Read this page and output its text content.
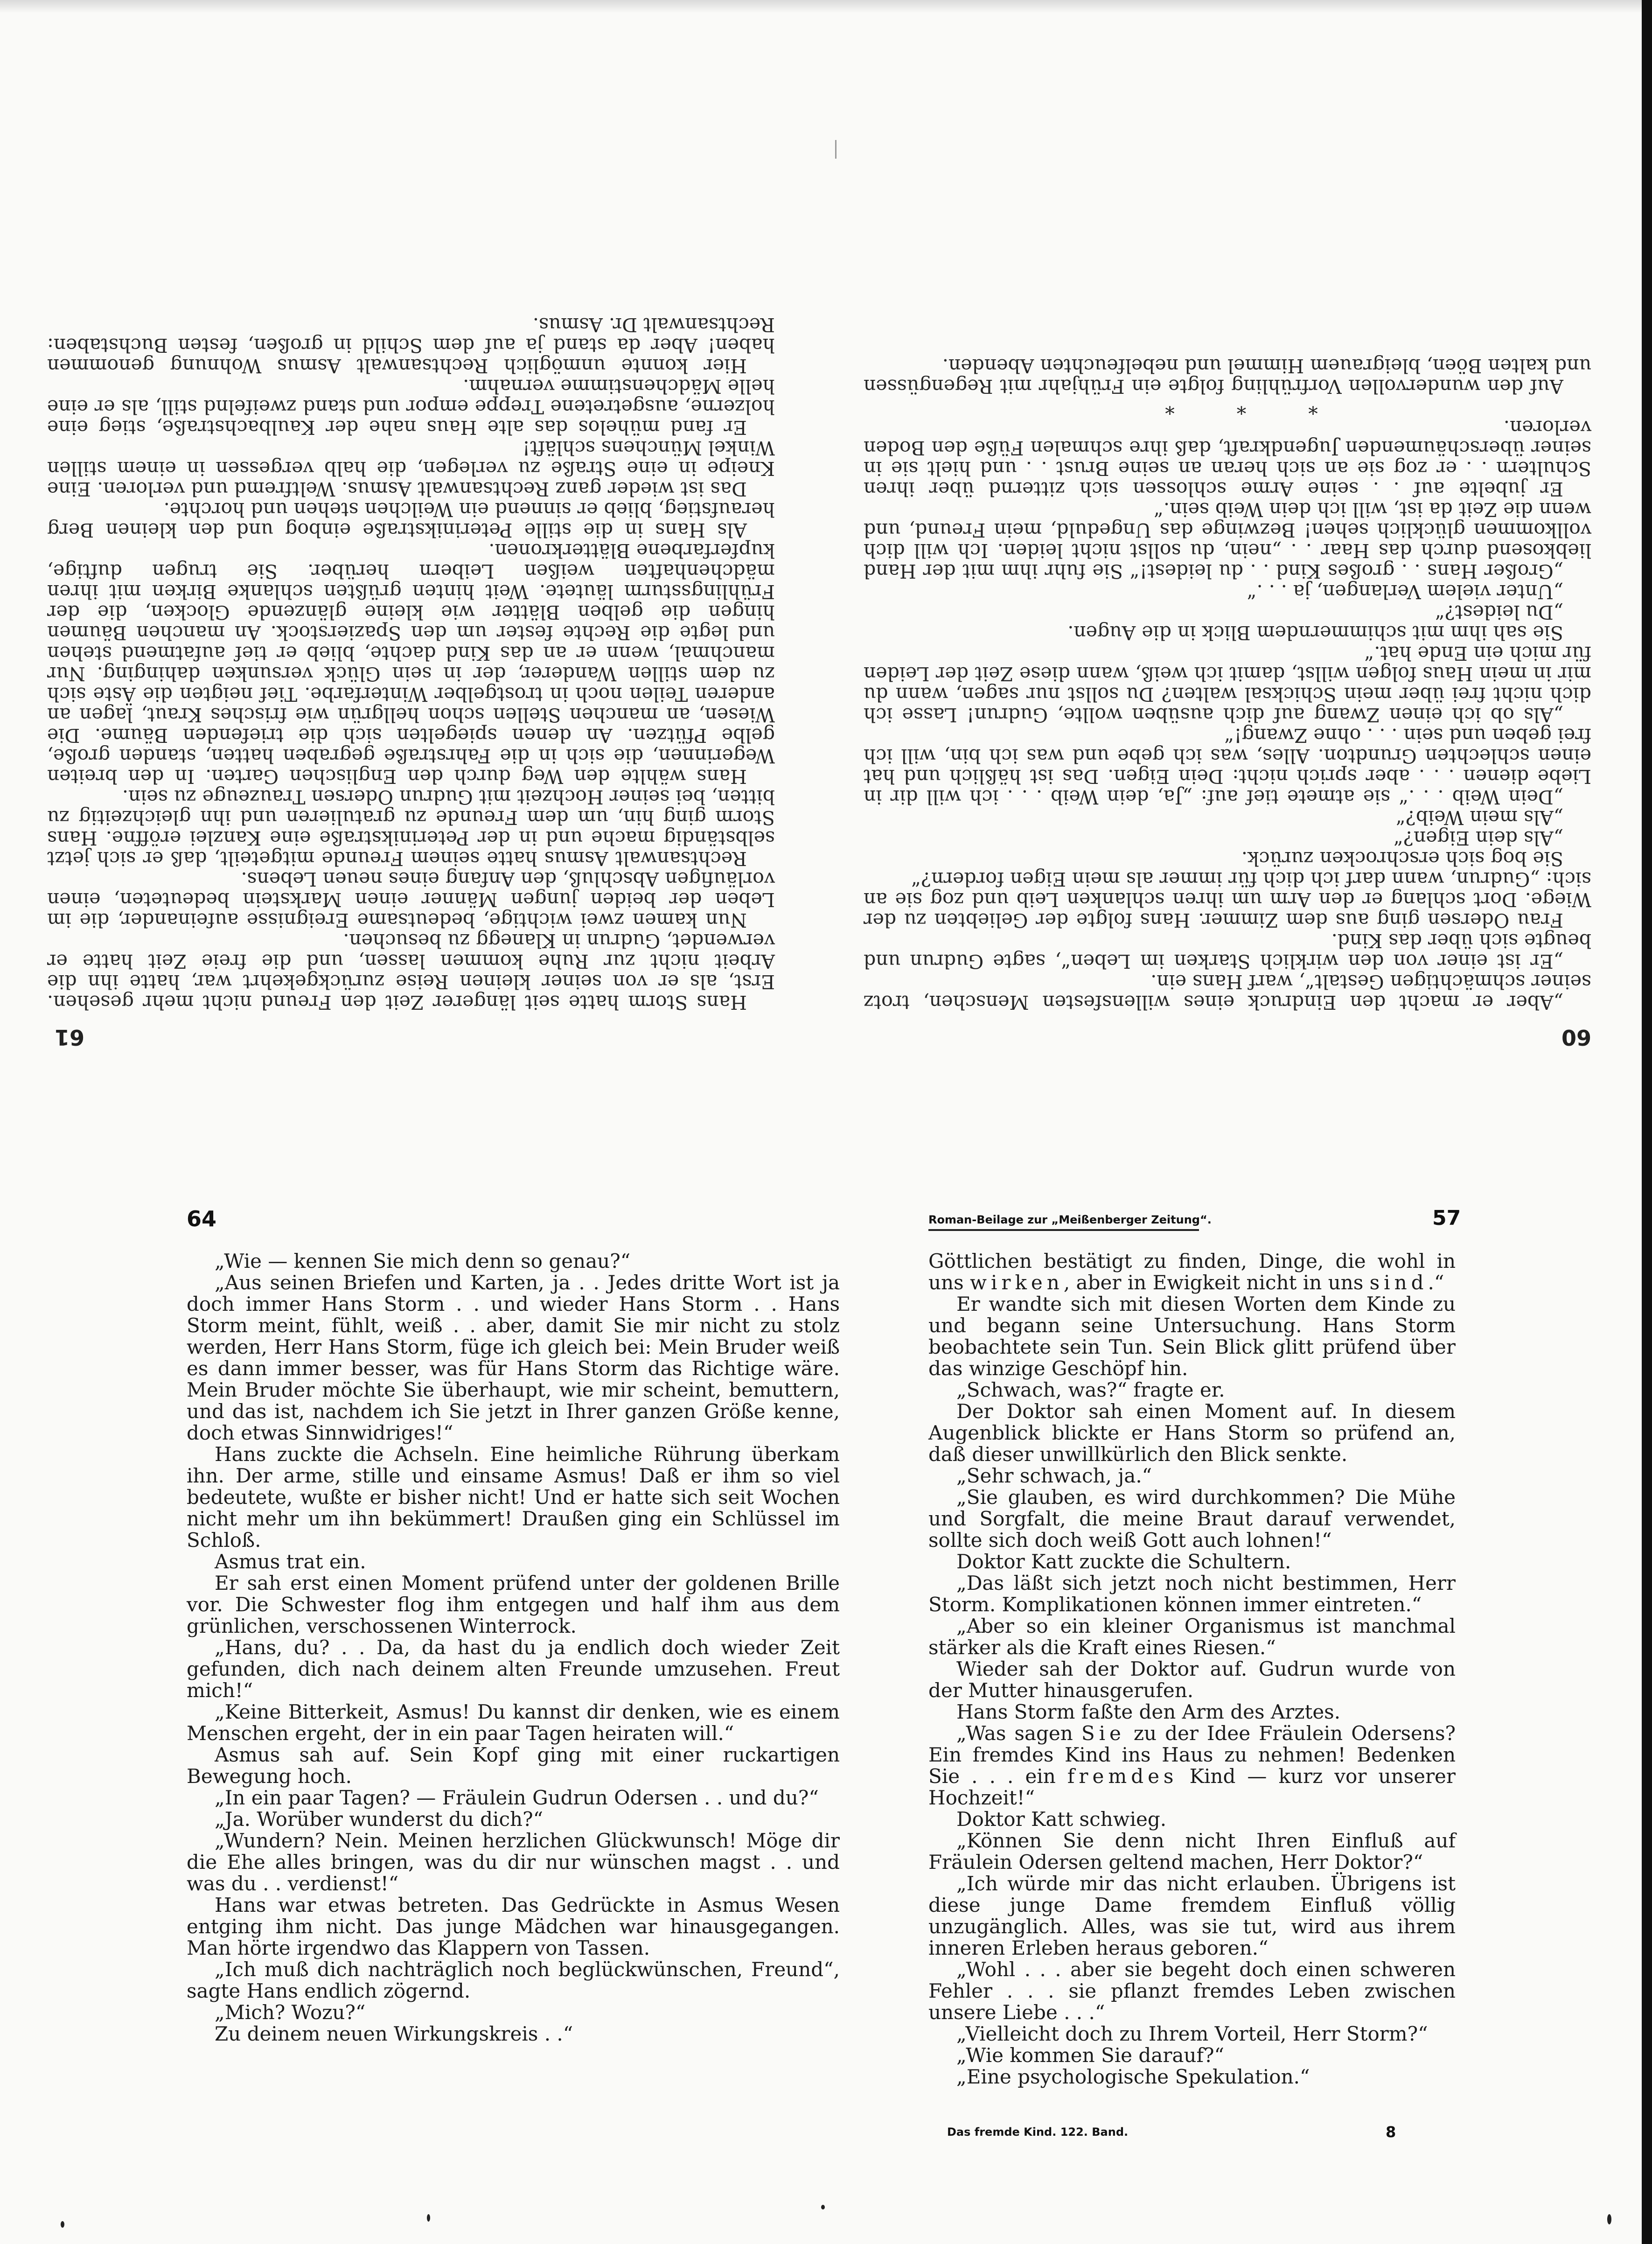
60

„Aber er macht den Eindruck eines willensfesten Menschen, trotz seiner schmächtigen Gestalt“, warf Hans ein.

„Er ist einer von den wirklich Starken im Leben“, sagte Gudrun und beugte sich über das Kind.

Frau Odersen ging aus dem Zimmer. Hans folgte der Geliebten zu der Wiege. Dort schlang er den Arm um ihren schlanken Leib und zog sie an sich: „Gudrun, wann darf ich dich für immer als mein Eigen fordern?“

Sie bog sich erschrocken zurück.

„Als dein Eigen?“

„Als mein Weib?“

„Dein Weib . . .“ sie atmete tief auf: „Ja, dein Weib . . . ich will dir in Liebe dienen . . . aber sprich nicht: Dein Eigen. Das ist häßlich und hat einen schlechten Grundton. Alles, was ich gebe und was ich bin, will ich frei geben und sein . . . ohne Zwang!“

„Als ob ich einen Zwang auf dich ausüben wollte, Gudrun! Lasse ich dich nicht frei über mein Schicksal walten? Du sollst nur sagen, wann du mir in mein Haus folgen willst, damit ich weiß, wann diese Zeit der Leiden für mich ein Ende hat.“

Sie sah ihm mit schimmerndem Blick in die Augen.

„Du leidest?“

„Unter vielem Verlangen, ja . . .“

„Großer Hans . . großes Kind . . du leidest!“ Sie fuhr ihm mit der Hand liebkosend durch das Haar . . „nein, du sollst nicht leiden. Ich will dich vollkommen glücklich sehen! Bezwinge das Ungeduld, mein Freund, und wenn die Zeit da ist, will ich dein Weib sein.“

Er jubelte auf . . seine Arme schlossen sich zitternd über ihren Schultern . . er zog sie an sich heran an seine Brust . . und hielt sie in seiner überschäumenden Jugendkraft, daß ihre schmalen Füße den Boden verloren.

* * *

Auf den wundervollen Vorfrühling folgte ein Frühjahr mit Regengüssen und kalten Böen, bleigrauem Himmel und nebelfeuchten Abenden.

61

Hans Storm hatte seit längerer Zeit den Freund nicht mehr gesehen. Erst, als er von seiner kleinen Reise zurückgekehrt war, hatte ihn die Arbeit nicht zur Ruhe kommen lassen, und die freie Zeit hatte er verwendet, Gudrun in Klanegg zu besuchen.

Nun kamen zwei wichtige, bedeutsame Ereignisse aufeinander, die im Leben der beiden jungen Männer einen Markstein bedeuteten, einen vorläufigen Abschluß, den Anfang eines neuen Lebens.

Rechtsanwalt Asmus hatte seinem Freunde mitgeteilt, daß er sich jetzt selbständig mache und in der Peterinikstraße eine Kanzlei eröffne. Hans Storm ging hin, um dem Freunde zu gratulieren und ihn gleichzeitig zu bitten, bei seiner Hochzeit mit Gudrun Odersen Trauzeuge zu sein.

Hans wählte den Weg durch den Englischen Garten. In den breiten Wegerinnen, die sich in die Fahrstraße gegraben hatten, standen große, gelbe Pfützen. An denen spiegelten sich die triefenden Bäume. Die Wiesen, an manchen Stellen schon hellgrün wie frisches Kraut, lagen an anderen Teilen noch in trostgelber Winterfarbe. Tief neigten die Äste sich zu dem stillen Wanderer, der in sein Glück versunken dahinging. Nur manchmal, wenn er an das Kind dachte, blieb er tief aufatmend stehen und legte die Rechte fester um den Spazierstock. An manchen Bäumen hingen die gelben Blätter wie kleine glänzende Glocken, die der Frühlingssturm läutete. Weit hinten grüßten schlanke Birken mit ihren mädchenhaften weißen Leibern herüber. Sie trugen duftige, kupferfarbene Blätterkronen.

Als Hans in die stille Peterinikstraße einbog und den kleinen Berg heraufstieg, blieb er sinnend ein Weilchen stehen und horchte.

Das ist wieder ganz Rechtsanwalt Asmus. Weltfremd und verloren. Eine Kneipe in eine Straße zu verlegen, die halb vergessen in einem stillen Winkel Münchens schläft!

Er fand mühelos das alte Haus nahe der Kaulbachstraße, stieg eine holzerne, ausgetretene Treppe empor und stand zweifelnd still, als er eine helle Mädchenstimme vernahm.

Hier konnte unmöglich Rechtsanwalt Asmus Wohnung genommen haben! Aber da stand ja auf dem Schild in großen, festen Buchstaben: Rechtsanwalt Dr. Asmus.

64

„Wie — kennen Sie mich denn so genau?“

„Aus seinen Briefen und Karten, ja . . Jedes dritte Wort ist ja doch immer Hans Storm . . und wieder Hans Storm . . Hans Storm meint, fühlt, weiß . . aber, damit Sie mir nicht zu stolz werden, Herr Hans Storm, füge ich gleich bei: Mein Bruder weiß es dann immer besser, was für Hans Storm das Richtige wäre. Mein Bruder möchte Sie überhaupt, wie mir scheint, bemuttern, und das ist, nachdem ich Sie jetzt in Ihrer ganzen Größe kenne, doch etwas Sinnwidriges!“

Hans zuckte die Achseln. Eine heimliche Rührung überkam ihn. Der arme, stille und einsame Asmus! Daß er ihm so viel bedeutete, wußte er bisher nicht! Und er hatte sich seit Wochen nicht mehr um ihn bekümmert! Draußen ging ein Schlüssel im Schloß.

Asmus trat ein.

Er sah erst einen Moment prüfend unter der goldenen Brille vor. Die Schwester flog ihm entgegen und half ihm aus dem grünlichen, verschossenen Winterrock.

„Hans, du? . . Da, da hast du ja endlich doch wieder Zeit gefunden, dich nach deinem alten Freunde umzusehen. Freut mich!“

„Keine Bitterkeit, Asmus! Du kannst dir denken, wie es einem Menschen ergeht, der in ein paar Tagen heiraten will.“

Asmus sah auf. Sein Kopf ging mit einer ruckartigen Bewegung hoch.

„In ein paar Tagen? — Fräulein Gudrun Odersen . . und du?“

„Ja. Worüber wunderst du dich?“

„Wundern? Nein. Meinen herzlichen Glückwunsch! Möge dir die Ehe alles bringen, was du dir nur wünschen magst . . und was du . . verdienst!“

Hans war etwas betreten. Das Gedrückte in Asmus Wesen entging ihm nicht. Das junge Mädchen war hinausgegangen. Man hörte irgendwo das Klappern von Tassen.

„Ich muß dich nachträglich noch beglückwünschen, Freund“, sagte Hans endlich zögernd.

„Mich? Wozu?“

Zu deinem neuen Wirkungskreis . .“

Roman-Beilage zur „Meißenberger Zeitung“.	57

Göttlichen bestätigt zu finden, Dinge, die wohl in uns wirken, aber in Ewigkeit nicht in uns sind.“

Er wandte sich mit diesen Worten dem Kinde zu und begann seine Untersuchung. Hans Storm beobachtete sein Tun. Sein Blick glitt prüfend über das winzige Geschöpf hin.

„Schwach, was?“ fragte er.

Der Doktor sah einen Moment auf. In diesem Augenblick blickte er Hans Storm so prüfend an, daß dieser unwillkürlich den Blick senkte.

„Sehr schwach, ja.“

„Sie glauben, es wird durchkommen? Die Mühe und Sorgfalt, die meine Braut darauf verwendet, sollte sich doch weiß Gott auch lohnen!“

Doktor Katt zuckte die Schultern.

„Das läßt sich jetzt noch nicht bestimmen, Herr Storm. Komplikationen können immer eintreten.“

„Aber so ein kleiner Organismus ist manchmal stärker als die Kraft eines Riesen.“

Wieder sah der Doktor auf. Gudrun wurde von der Mutter hinausgerufen.

Hans Storm faßte den Arm des Arztes.

„Was sagen Sie zu der Idee Fräulein Odersens? Ein fremdes Kind ins Haus zu nehmen! Bedenken Sie . . . ein fremdes Kind — kurz vor unserer Hochzeit!“

Doktor Katt schwieg.

„Können Sie denn nicht Ihren Einfluß auf Fräulein Odersen geltend machen, Herr Doktor?“

„Ich würde mir das nicht erlauben. Übrigens ist diese junge Dame fremdem Einfluß völlig unzugänglich. Alles, was sie tut, wird aus ihrem inneren Erleben heraus geboren.“

„Wohl . . . aber sie begeht doch einen schweren Fehler . . . sie pflanzt fremdes Leben zwischen unsere Liebe . . .“

„Vielleicht doch zu Ihrem Vorteil, Herr Storm?“

„Wie kommen Sie darauf?“

„Eine psychologische Spekulation.“

Das fremde Kind. 122. Band.	8
